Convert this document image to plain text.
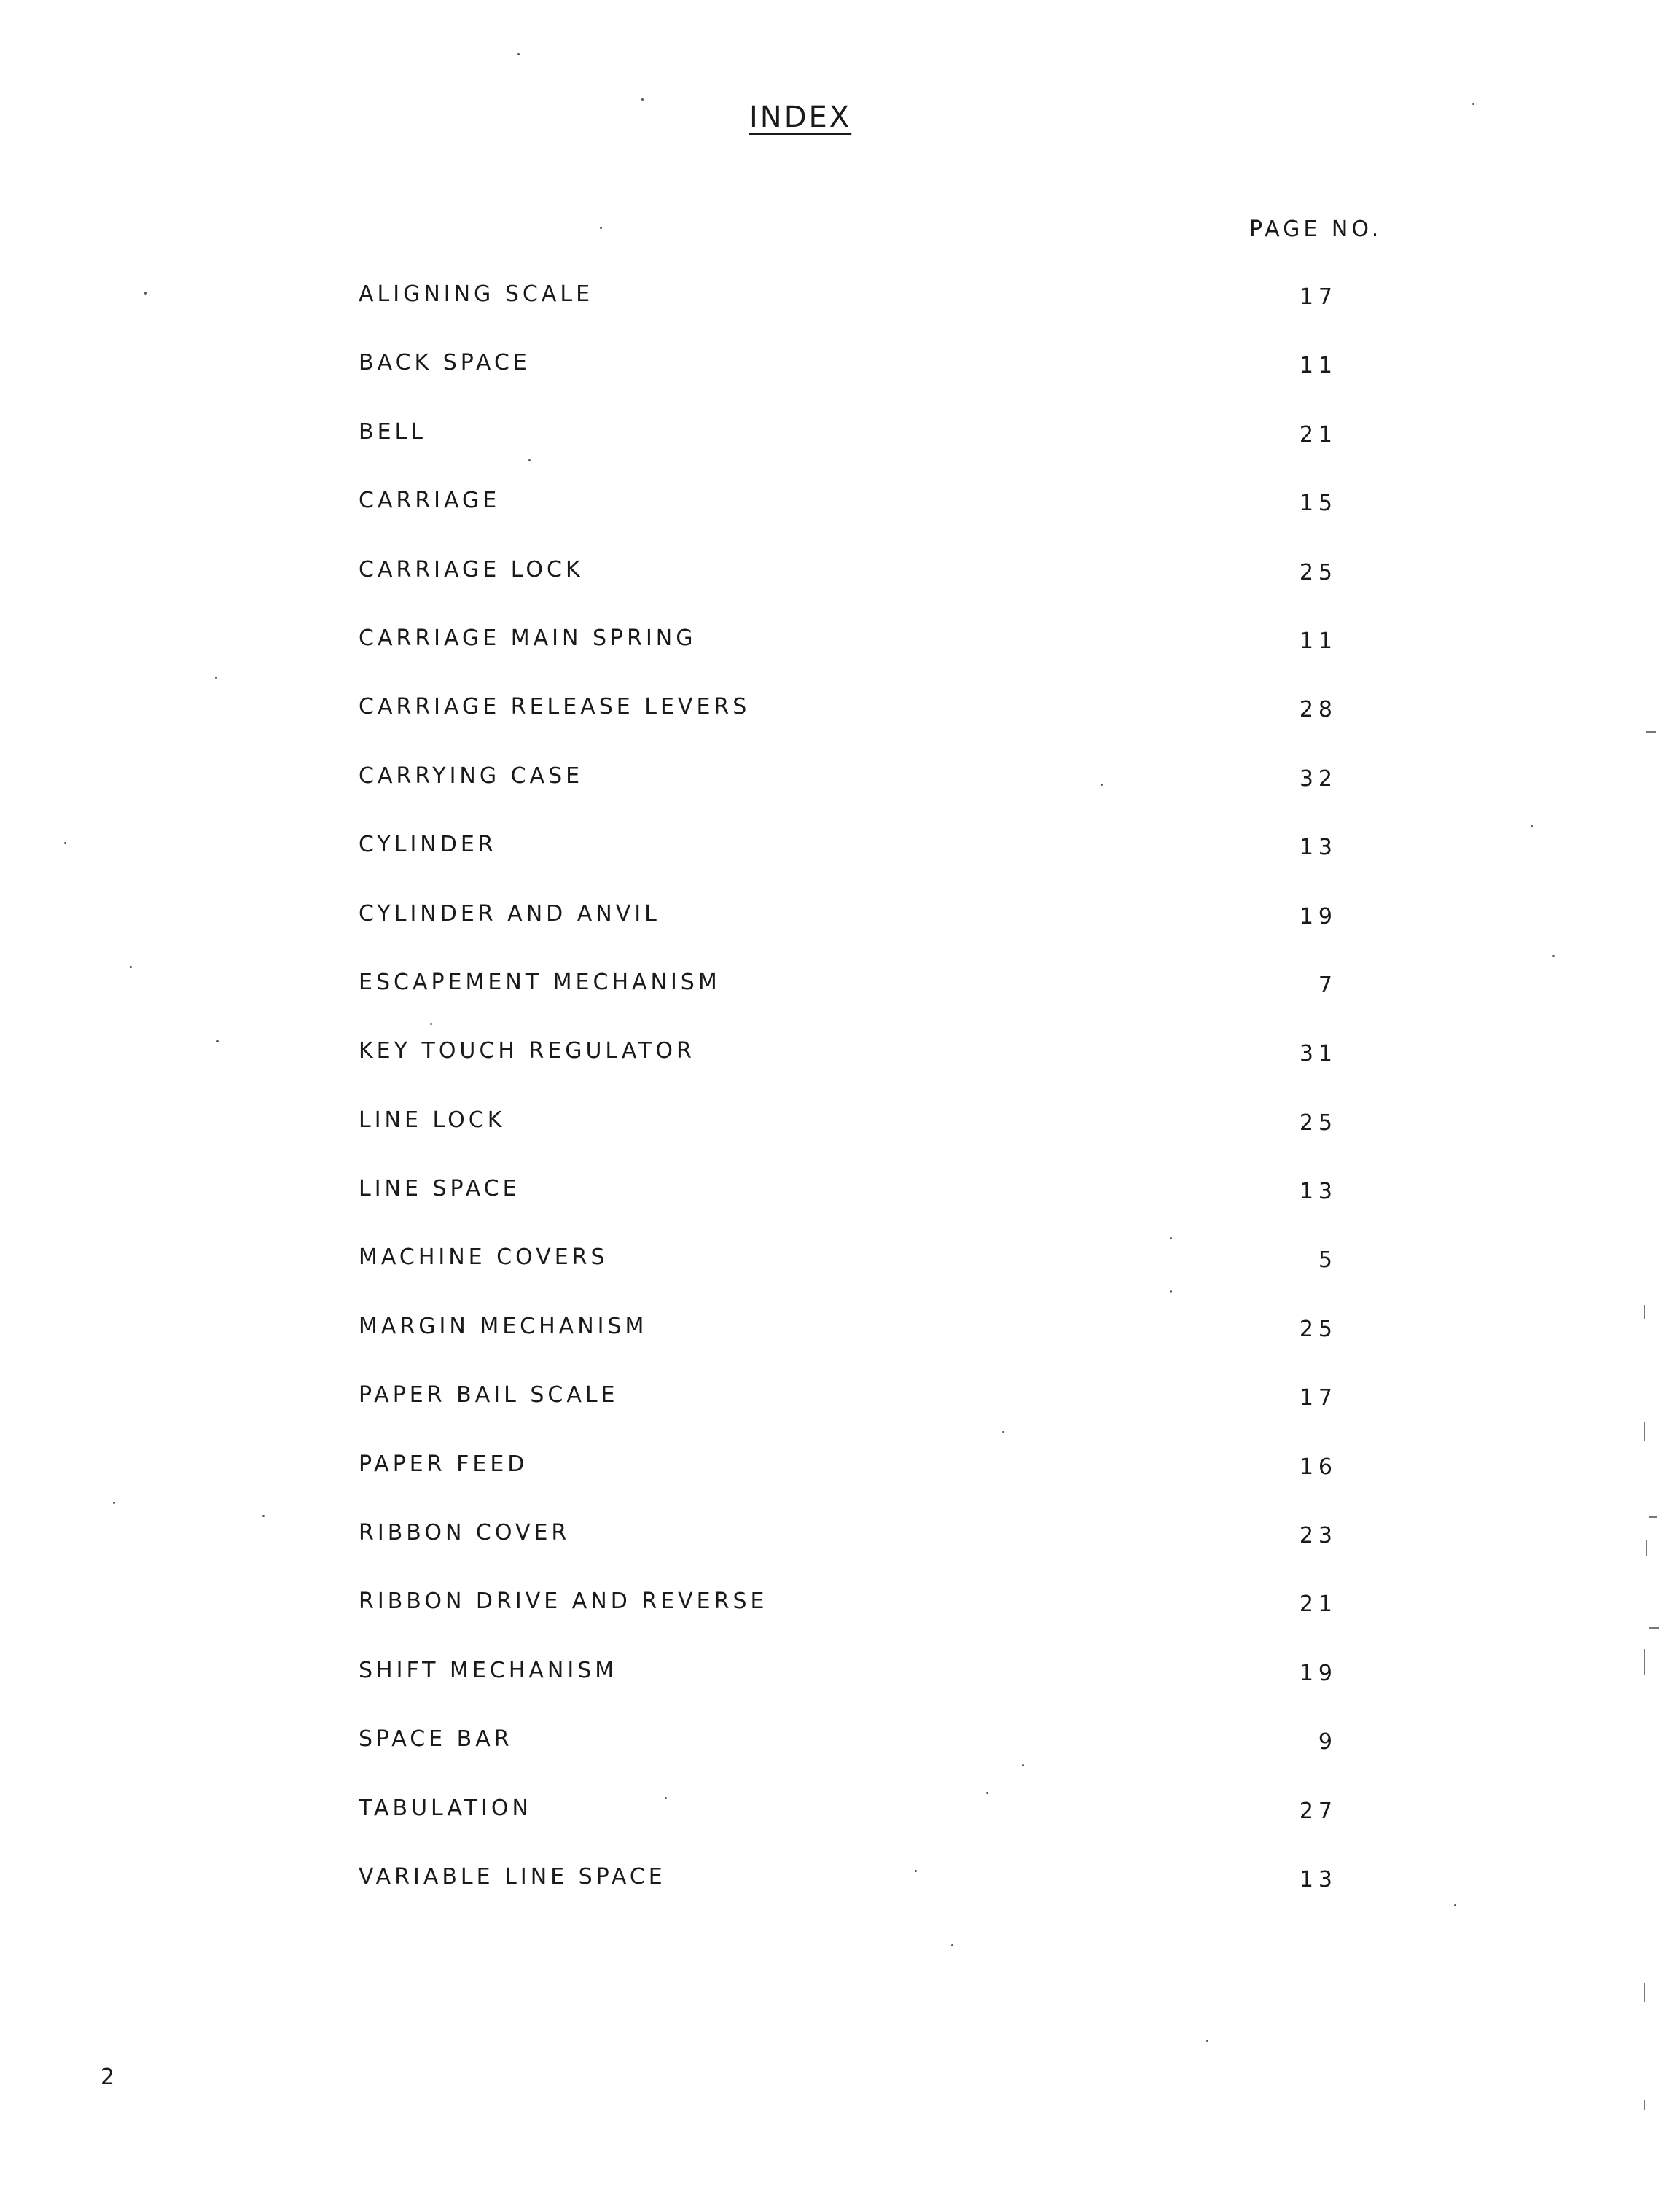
INDEX
PAGE NO.
ALIGNING SCALE	17
BACK SPACE	11
BELL	21
CARRIAGE	15
CARRIAGE LOCK	25
CARRIAGE MAIN SPRING	11
CARRIAGE RELEASE LEVERS	28
CARRYING CASE	32
CYLINDER	13
CYLINDER AND ANVIL	19
ESCAPEMENT MECHANISM	7
KEY TOUCH REGULATOR	31
LINE LOCK	25
LINE SPACE	13
MACHINE COVERS	5
MARGIN MECHANISM	25
PAPER BAIL SCALE	17
PAPER FEED	16
RIBBON COVER	23
RIBBON DRIVE AND REVERSE	21
SHIFT MECHANISM	19
SPACE BAR	9
TABULATION	27
VARIABLE LINE SPACE	13
2
